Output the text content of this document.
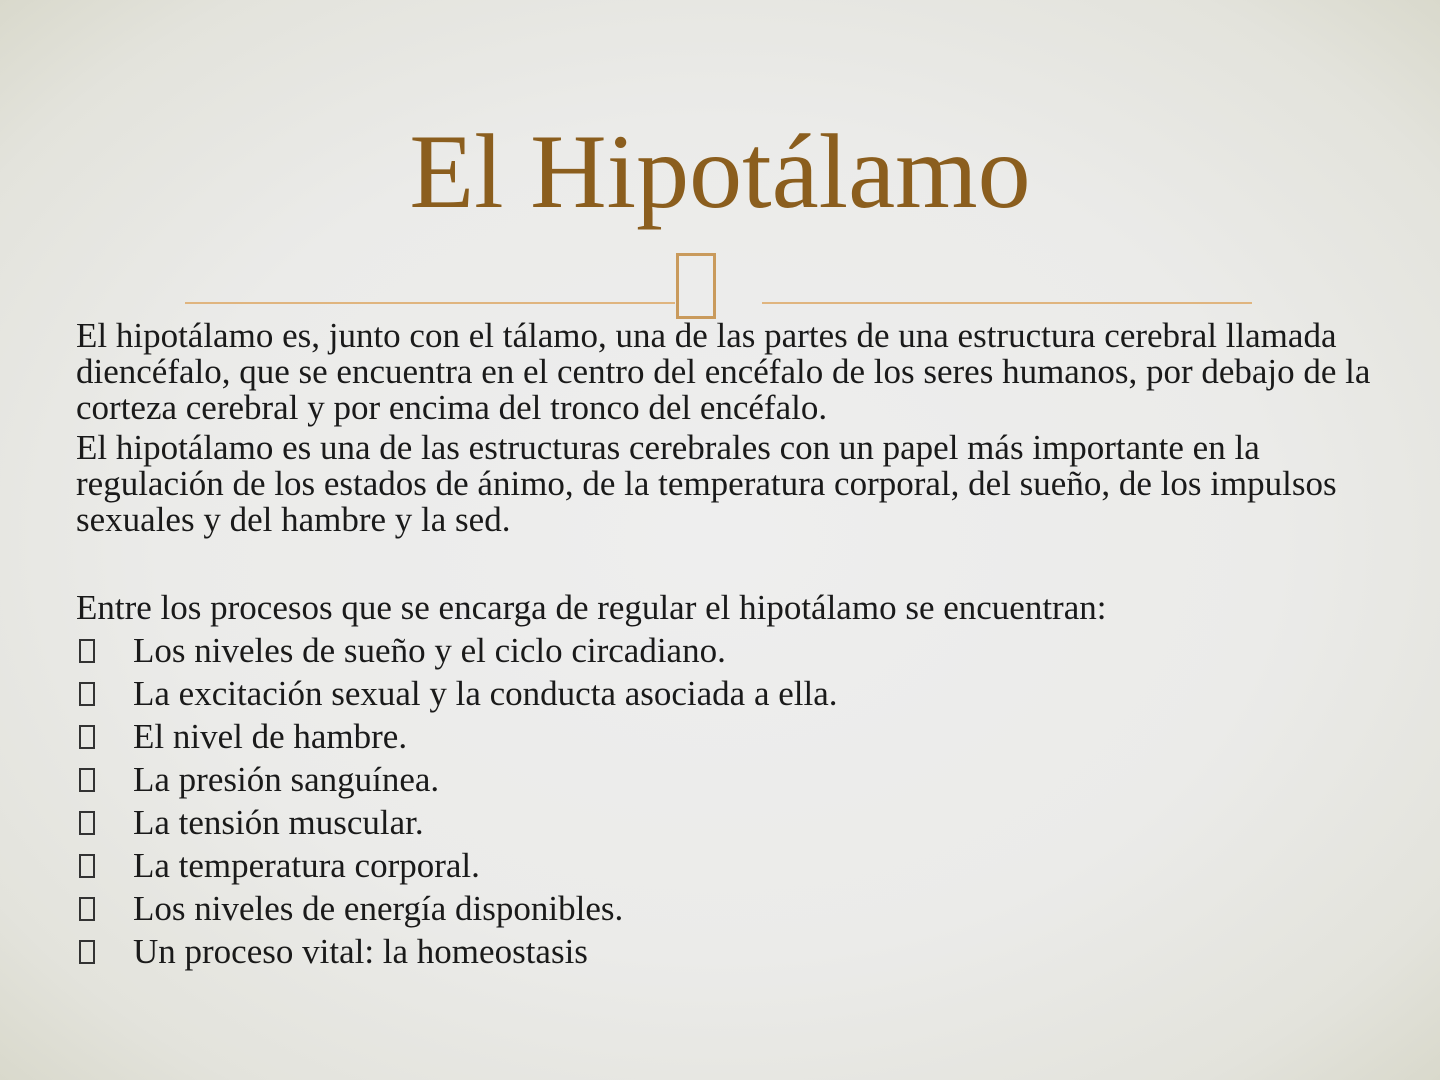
El Hipotálamo

El hipotálamo es, junto con el tálamo, una de las partes de una estructura cerebral llamada diencéfalo, que se encuentra en el centro del encéfalo de los seres humanos, por debajo de la corteza cerebral y por encima del tronco del encéfalo.

El hipotálamo es una de las estructuras cerebrales con un papel más importante en la regulación de los estados de ánimo, de la temperatura corporal, del sueño, de los impulsos sexuales y del hambre y la sed.

Entre los procesos que se encarga de regular el hipotálamo se encuentran:

Los niveles de sueño y el ciclo circadiano.
La excitación sexual y la conducta asociada a ella.
El nivel de hambre.
La presión sanguínea.
La tensión muscular.
La temperatura corporal.
Los niveles de energía disponibles.
Un proceso vital: la homeostasis
